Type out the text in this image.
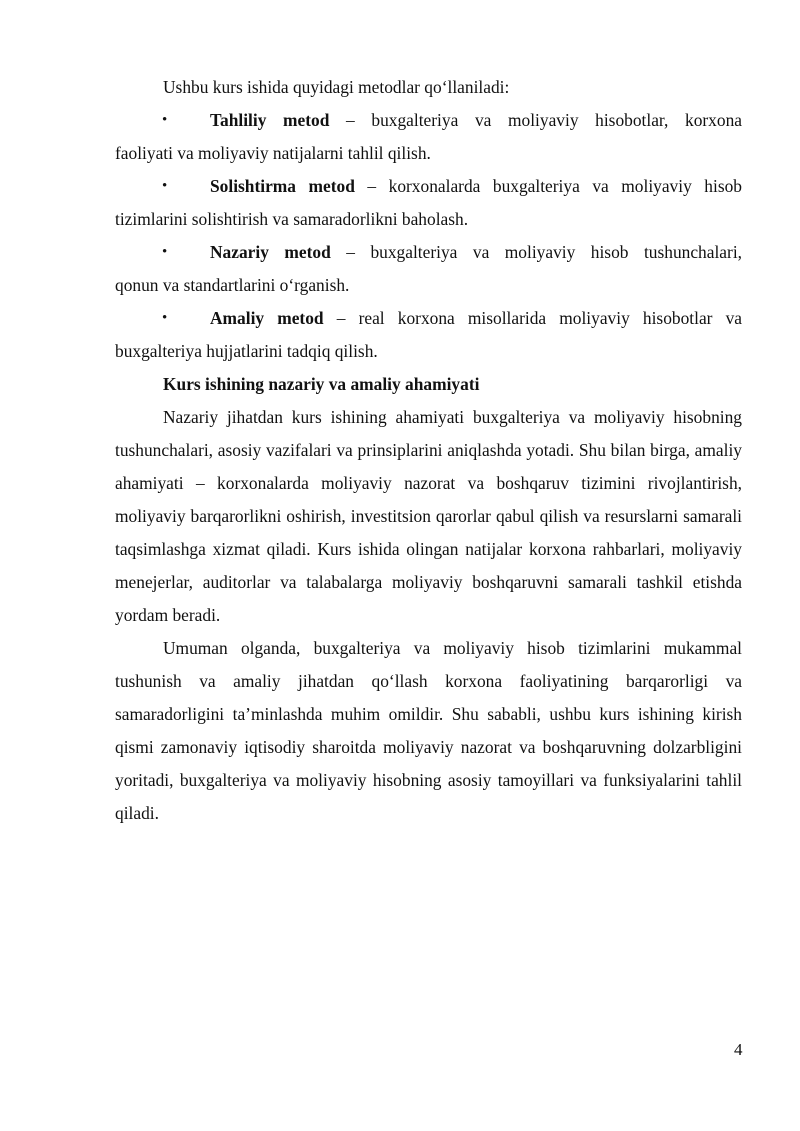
Ushbu kurs ishida quyidagi metodlar qo‘llaniladi:

•	Tahliliy metod – buxgalteriya va moliyaviy hisobotlar, korxona
faoliyati va moliyaviy natijalarni tahlil qilish.
•	Solishtirma metod – korxonalarda buxgalteriya va moliyaviy hisob
tizimlarini solishtirish va samaradorlikni baholash.
•	Nazariy metod – buxgalteriya va moliyaviy hisob tushunchalari,
qonun va standartlarini o‘rganish.
•	Amaliy metod – real korxona misollarida moliyaviy hisobotlar va
buxgalteriya hujjatlarini tadqiq qilish.

Kurs ishining nazariy va amaliy ahamiyati

Nazariy jihatdan kurs ishining ahamiyati buxgalteriya va moliyaviy hisobning tushunchalari, asosiy vazifalari va prinsiplarini aniqlashda yotadi. Shu bilan birga, amaliy ahamiyati – korxonalarda moliyaviy nazorat va boshqaruv tizimini rivojlantirish, moliyaviy barqarorlikni oshirish, investitsion qarorlar qabul qilish va resurslarni samarali taqsimlashga xizmat qiladi. Kurs ishida olingan natijalar korxona rahbarlari, moliyaviy menejerlar, auditorlar va talabalarga moliyaviy boshqaruvni samarali tashkil etishda yordam beradi.

Umuman olganda, buxgalteriya va moliyaviy hisob tizimlarini mukammal tushunish va amaliy jihatdan qo‘llash korxona faoliyatining barqarorligi va samaradorligini ta’minlashda muhim omildir. Shu sababli, ushbu kurs ishining kirish qismi zamonaviy iqtisodiy sharoitda moliyaviy nazorat va boshqaruvning dolzarbligini yoritadi, buxgalteriya va moliyaviy hisobning asosiy tamoyillari va funksiyalarini tahlil qiladi.

4
